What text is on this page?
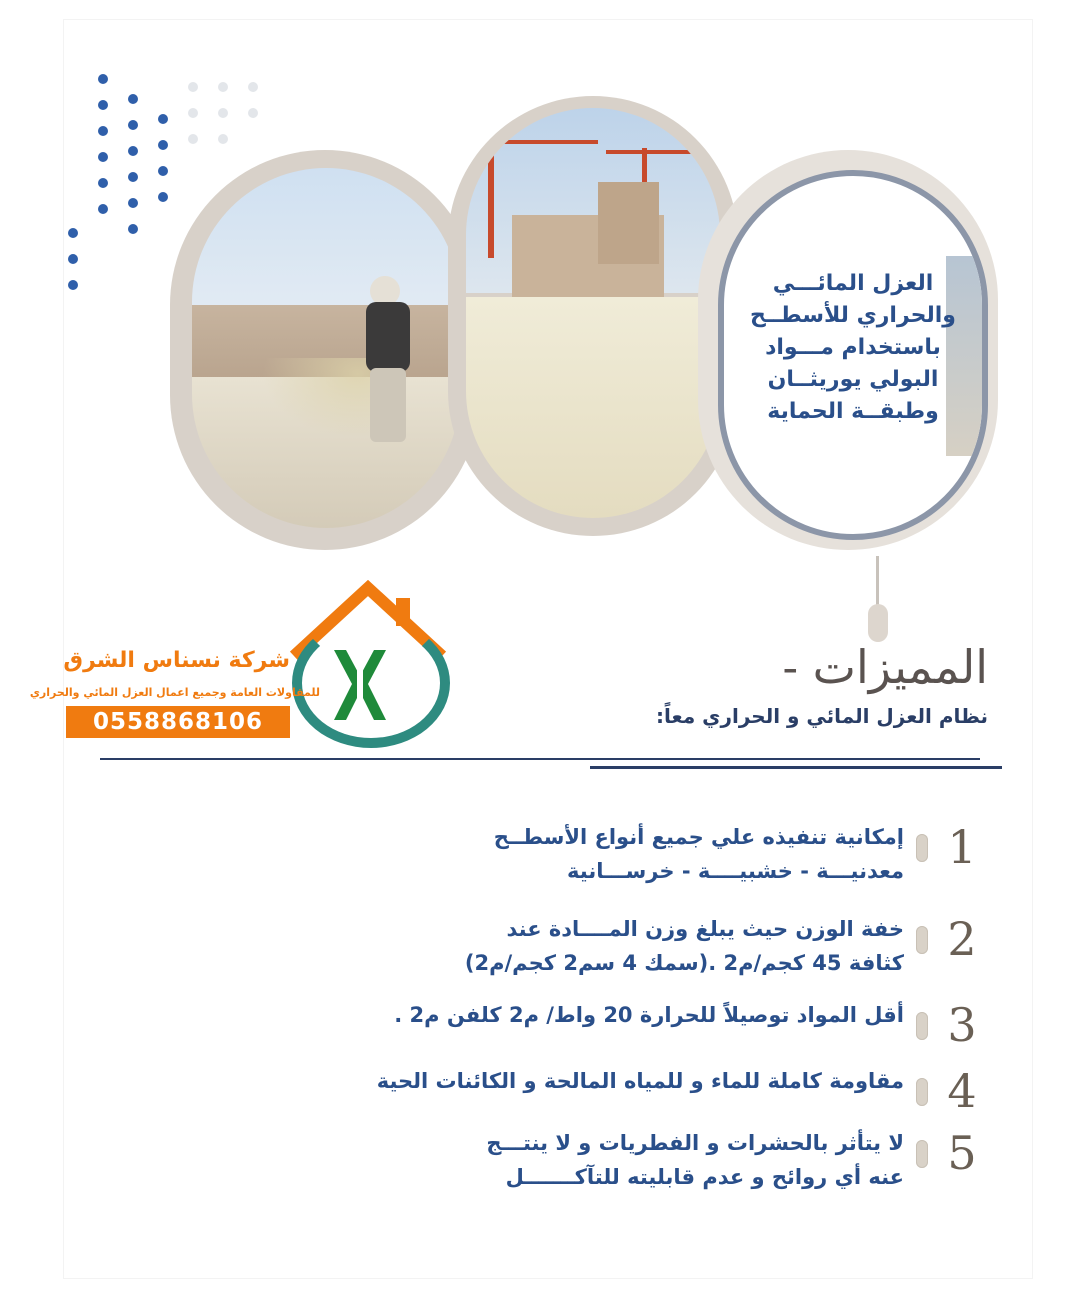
العزل المائـــي
والحراري للأسطــح
باستخدام مـــواد
البولي يوريثــان
وطبقــة الحماية
المميزات -
نظام العزل المائي و الحراري معاً:
شركة نسناس الشرق
للمقاولات العامة وجميع اعمال العزل المائي والحراري
0558868106
1
إمكانية تنفيذه علي جميع أنواع الأسطــح
معدنيـــة - خشبيــــة - خرســـانية
2
خفة الوزن حيث يبلغ وزن المــــادة عند
كثافة 45 كجم/م2 .(سمك 4 سم2 كجم/م2)
3
أقل المواد توصيلاً للحرارة 20 واط/ م2 كلفن م2 .
4
مقاومة كاملة للماء و للمياه المالحة و الكائنات الحية
5
لا يتأثر بالحشرات و الفطريات و لا ينتـــج
عنه أي روائح و عدم قابليته للتآكـــــــل
